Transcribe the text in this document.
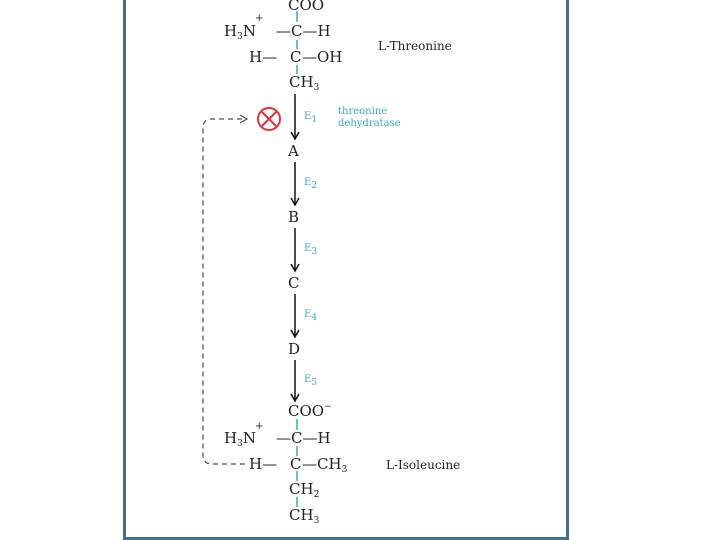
COO
$H_3N$
+
—C—H
H— C —OH
$CH_3$
L-Threonine
E1
threonine
dehydratase
A
E2
B
E3
C
E4
D
E5
COO−
+
$H_3N$ —C—H
H— C $—CH_3$	L-Isoleucine
$CH_2$
$CH_3$
